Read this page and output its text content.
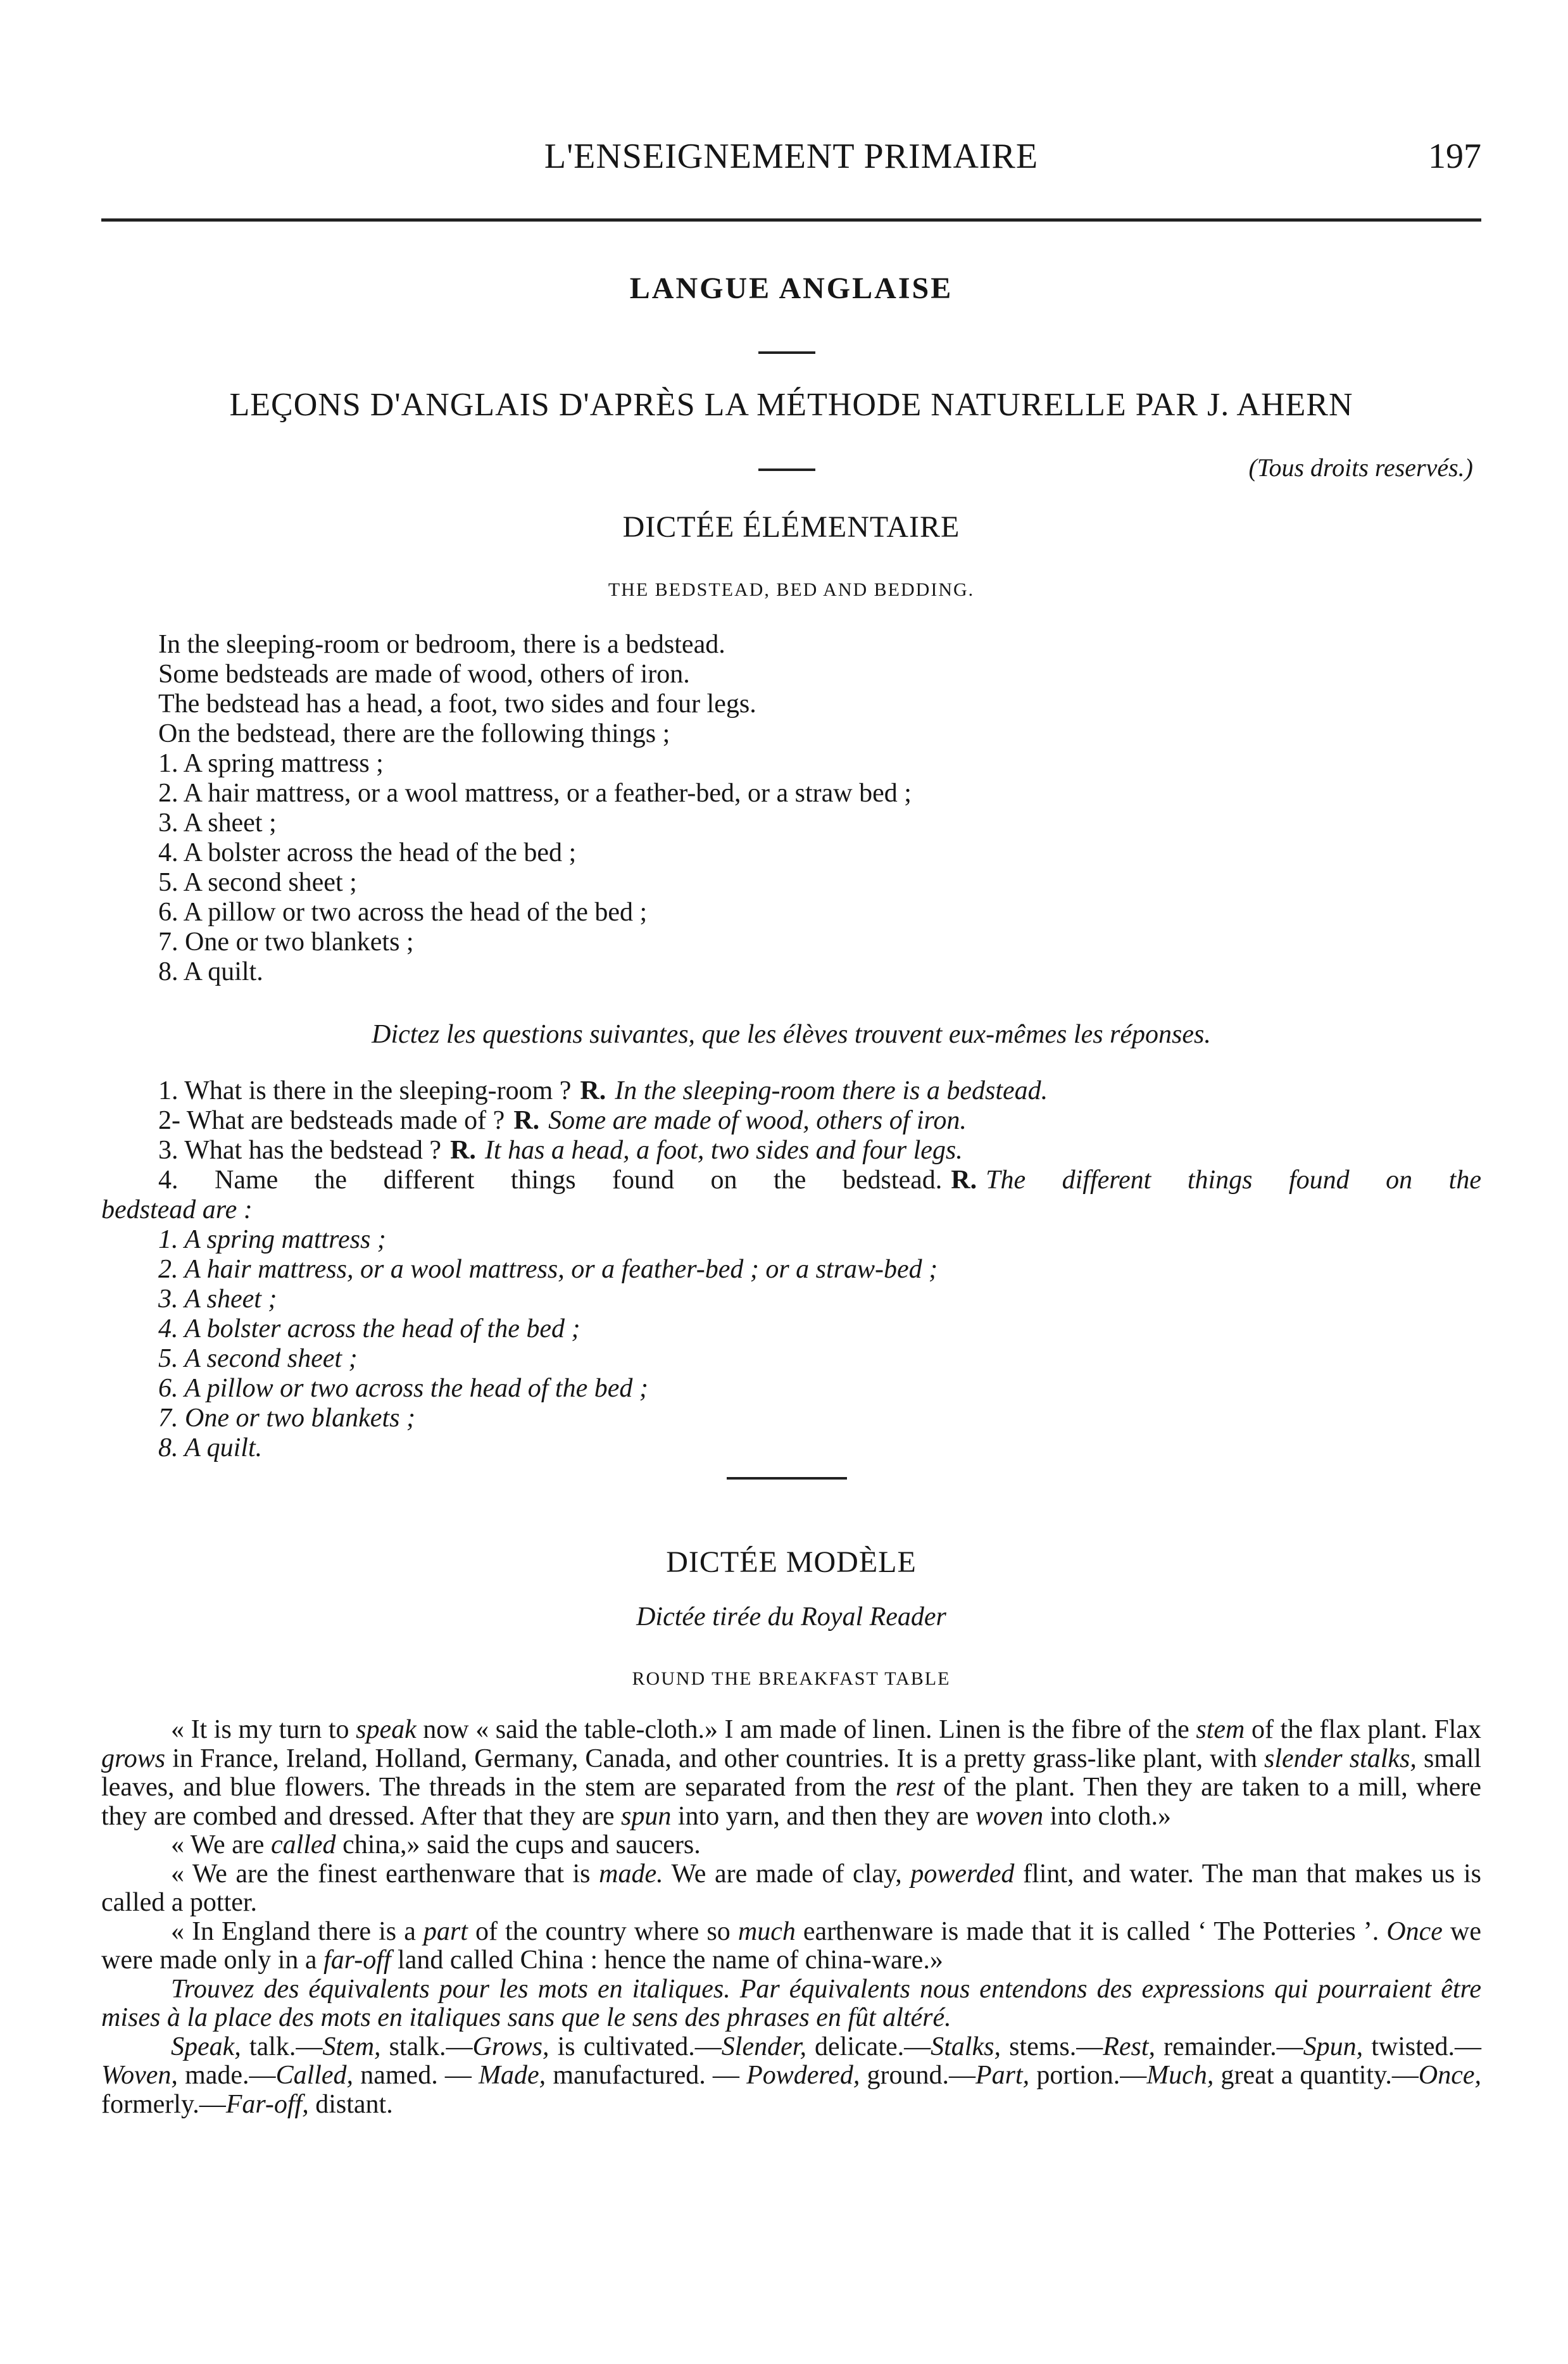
L'ENSEIGNEMENT PRIMAIRE	197
LANGUE ANGLAISE
LEÇONS D'ANGLAIS D'APRÈS LA MÉTHODE NATURELLE PAR J. AHERN
(Tous droits reservés.)
DICTÉE ÉLÉMENTAIRE
THE BEDSTEAD, BED AND BEDDING.
In the sleeping-room or bedroom, there is a bedstead.
Some bedsteads are made of wood, others of iron.
The bedstead has a head, a foot, two sides and four legs.
On the bedstead, there are the following things ;
1. A spring mattress ;
2. A hair mattress, or a wool mattress, or a feather-bed, or a straw bed ;
3. A sheet ;
4. A bolster across the head of the bed ;
5. A second sheet ;
6. A pillow or two across the head of the bed ;
7. One or two blankets ;
8. A quilt.
Dictez les questions suivantes, que les élèves trouvent eux-mêmes les réponses.
1. What is there in the sleeping-room ? R. In the sleeping-room there is a bedstead.
2- What are bedsteads made of ? R. Some are made of wood, others of iron.
3. What has the bedstead ? R. It has a head, a foot, two sides and four legs.
4. Name the different things found on the bedstead. R. The different things found on the
bedstead are :
1. A spring mattress ;
2. A hair mattress, or a wool mattress, or a feather-bed ; or a straw-bed ;
3. A sheet ;
4. A bolster across the head of the bed ;
5. A second sheet ;
6. A pillow or two across the head of the bed ;
7. One or two blankets ;
8. A quilt.
DICTÉE MODÈLE
Dictée tirée du Royal Reader
ROUND THE BREAKFAST TABLE

« It is my turn to speak now « said the table-cloth.» I am made of linen. Linen is the fibre of the stem of the flax plant. Flax grows in France, Ireland, Holland, Germany, Canada, and other countries. It is a pretty grass-like plant, with slender stalks, small leaves, and blue flowers. The threads in the stem are separated from the rest of the plant. Then they are taken to a mill, where they are combed and dressed. After that they are spun into yarn, and then they are woven into cloth.»

« We are called china,» said the cups and saucers.

« We are the finest earthenware that is made. We are made of clay, powerded flint, and water. The man that makes us is called a potter.

« In England there is a part of the country where so much earthenware is made that it is called ‘ The Potteries ’. Once we were made only in a far-off land called China : hence the name of china-ware.»

Trouvez des équivalents pour les mots en italiques. Par équivalents nous entendons des expressions qui pourraient être mises à la place des mots en italiques sans que le sens des phrases en fût altéré.

Speak, talk.—Stem, stalk.—Grows, is cultivated.—Slender, delicate.—Stalks, stems.—Rest, remainder.—Spun, twisted.—Woven, made.—Called, named. — Made, manufactured. — Powdered, ground.—Part, portion.—Much, great a quantity.—Once, formerly.—Far-off, distant.
